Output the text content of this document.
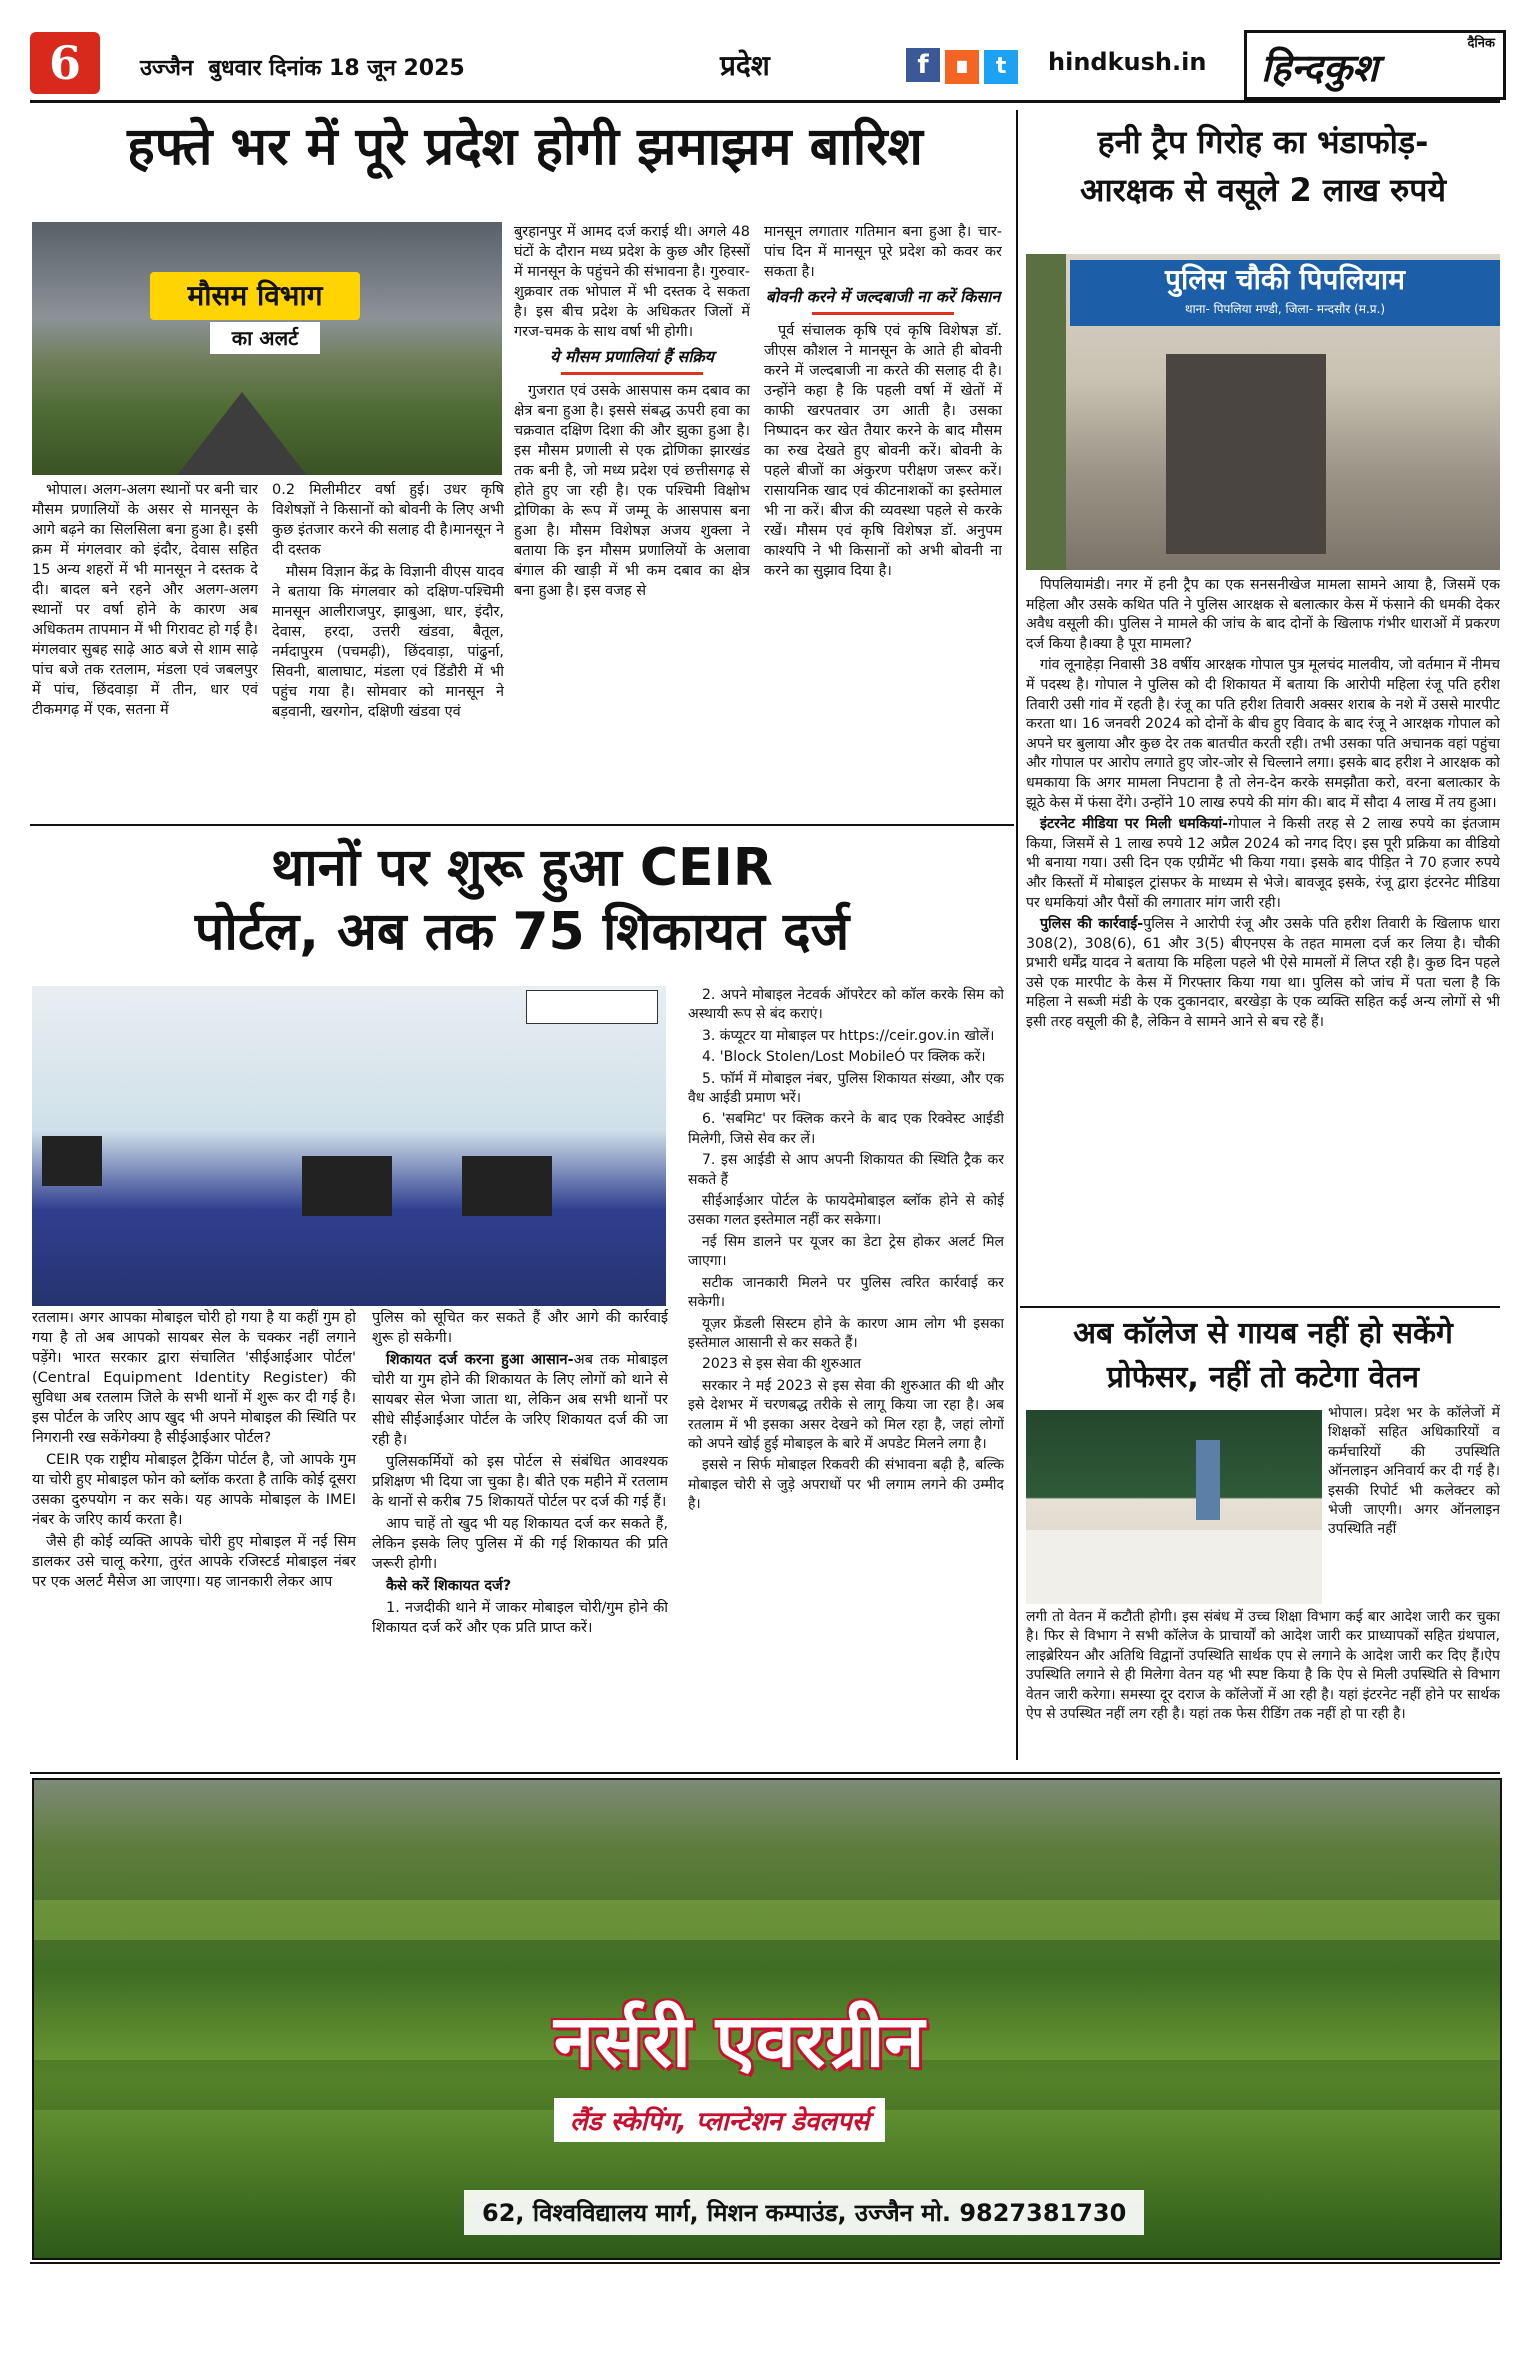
6	उज्जैन  बुधवार दिनांक 18 जून 2025	प्रदेश	f ∎ t	hindkush.in
दैनिक
हिन्दकुश
हफ्ते भर में पूरे प्रदेश होगी झमाझम बारिश
मौसम विभाग
का अलर्ट

भोपाल। अलग-अलग स्थानों पर बनी चार मौसम प्रणालियों के असर से मानसून के आगे बढ़ने का सिलसिला बना हुआ है। इसी क्रम में मंगलवार को इंदौर, देवास सहित 15 अन्य शहरों में भी मानसून ने दस्तक दे दी। बादल बने रहने और अलग-अलग स्थानों पर वर्षा होने के कारण अब अधिकतम तापमान में भी गिरावट हो गई है। मंगलवार सुबह साढ़े आठ बजे से शाम साढ़े पांच बजे तक रतलाम, मंडला एवं जबलपुर में पांच, छिंदवाड़ा में तीन, धार एवं टीकमगढ़ में एक, सतना में

0.2 मिलीमीटर वर्षा हुई। उधर कृषि विशेषज्ञों ने किसानों को बोवनी के लिए अभी कुछ इंतजार करने की सलाह दी है।मानसून ने दी दस्तक

मौसम विज्ञान केंद्र के विज्ञानी वीएस यादव ने बताया कि मंगलवार को दक्षिण-पश्चिमी मानसून आलीराजपुर, झाबुआ, धार, इंदौर, देवास, हरदा, उत्तरी खंडवा, बैतूल, नर्मदापुरम (पचमढ़ी), छिंदवाड़ा, पांढुर्ना, सिवनी, बालाघाट, मंडला एवं डिंडौरी में भी पहुंच गया है। सोमवार को मानसून ने बड़वानी, खरगोन, दक्षिणी खंडवा एवं

बुरहानपुर में आमद दर्ज कराई थी। अगले 48 घंटों के दौरान मध्य प्रदेश के कुछ और हिस्सों में मानसून के पहुंचने की संभावना है। गुरुवार-शुक्रवार तक भोपाल में भी दस्तक दे सकता है। इस बीच प्रदेश के अधिकतर जिलों में गरज-चमक के साथ वर्षा भी होगी।

ये मौसम प्रणालियां हैं सक्रिय

गुजरात एवं उसके आसपास कम दबाव का क्षेत्र बना हुआ है। इससे संबद्ध ऊपरी हवा का चक्रवात दक्षिण दिशा की और झुका हुआ है। इस मौसम प्रणाली से एक द्रोणिका झारखंड तक बनी है, जो मध्य प्रदेश एवं छत्तीसगढ़ से होते हुए जा रही है। एक पश्चिमी विक्षोभ द्रोणिका के रूप में जम्मू के आसपास बना हुआ है। मौसम विशेषज्ञ अजय शुक्ला ने बताया कि इन मौसम प्रणालियों के अलावा बंगाल की खाड़ी में भी कम दबाव का क्षेत्र बना हुआ है। इस वजह से

मानसून लगातार गतिमान बना हुआ है। चार-पांच दिन में मानसून पूरे प्रदेश को कवर कर सकता है।

बोवनी करने में जल्दबाजी ना करें किसान

पूर्व संचालक कृषि एवं कृषि विशेषज्ञ डॉ. जीएस कौशल ने मानसून के आते ही बोवनी करने में जल्दबाजी ना करते की सलाह दी है। उन्होंने कहा है कि पहली वर्षा में खेतों में काफी खरपतवार उग आती है। उसका निष्पादन कर खेत तैयार करने के बाद मौसम का रुख देखते हुए बोवनी करें। बोवनी के पहले बीजों का अंकुरण परीक्षण जरूर करें। रासायनिक खाद एवं कीटनाशकों का इस्तेमाल भी ना करें। बीज की व्यवस्था पहले से करके रखें। मौसम एवं कृषि विशेषज्ञ डॉ. अनुपम काश्यपि ने भी किसानों को अभी बोवनी ना करने का सुझाव दिया है।

हनी ट्रैप गिरोह का भंडाफोड़-
आरक्षक से वसूले 2 लाख रुपये
पुलिस चौकी पिपलियाम
थाना- पिपलिया मण्डी, जिला- मन्दसौर (म.प्र.)

पिपलियामंडी। नगर में हनी ट्रैप का एक सनसनीखेज मामला सामने आया है, जिसमें एक महिला और उसके कथित पति ने पुलिस आरक्षक से बलात्कार केस में फंसाने की धमकी देकर अवैध वसूली की। पुलिस ने मामले की जांच के बाद दोनों के खिलाफ गंभीर धाराओं में प्रकरण दर्ज किया है।क्या है पूरा मामला?

गांव लूनाहेड़ा निवासी 38 वर्षीय आरक्षक गोपाल पुत्र मूलचंद मालवीय, जो वर्तमान में नीमच में पदस्थ है। गोपाल ने पुलिस को दी शिकायत में बताया कि आरोपी महिला रंजू पति हरीश तिवारी उसी गांव में रहती है। रंजू का पति हरीश तिवारी अक्सर शराब के नशे में उससे मारपीट करता था। 16 जनवरी 2024 को दोनों के बीच हुए विवाद के बाद रंजू ने आरक्षक गोपाल को अपने घर बुलाया और कुछ देर तक बातचीत करती रही। तभी उसका पति अचानक वहां पहुंचा और गोपाल पर आरोप लगाते हुए जोर-जोर से चिल्लाने लगा। इसके बाद हरीश ने आरक्षक को धमकाया कि अगर मामला निपटाना है तो लेन-देन करके समझौता करो, वरना बलात्कार के झूठे केस में फंसा देंगे। उन्होंने 10 लाख रुपये की मांग की। बाद में सौदा 4 लाख में तय हुआ।

इंटरनेट मीडिया पर मिली धमकियां-गोपाल ने किसी तरह से 2 लाख रुपये का इंतजाम किया, जिसमें से 1 लाख रुपये 12 अप्रैल 2024 को नगद दिए। इस पूरी प्रक्रिया का वीडियो भी बनाया गया। उसी दिन एक एग्रीमेंट भी किया गया। इसके बाद पीड़ित ने 70 हजार रुपये और किस्तों में मोबाइल ट्रांसफर के माध्यम से भेजे। बावजूद इसके, रंजू द्वारा इंटरनेट मीडिया पर धमकियां और पैसों की लगातार मांग जारी रही।

पुलिस की कार्रवाई-पुलिस ने आरोपी रंजू और उसके पति हरीश तिवारी के खिलाफ धारा 308(2), 308(6), 61 और 3(5) बीएनएस के तहत मामला दर्ज कर लिया है। चौकी प्रभारी धर्मेंद्र यादव ने बताया कि महिला पहले भी ऐसे मामलों में लिप्त रही है। कुछ दिन पहले उसे एक मारपीट के केस में गिरफ्तार किया गया था। पुलिस को जांच में पता चला है कि महिला ने सब्जी मंडी के एक दुकानदार, बरखेड़ा के एक व्यक्ति सहित कई अन्य लोगों से भी इसी तरह वसूली की है, लेकिन वे सामने आने से बच रहे हैं।

थानों पर शुरू हुआ CEIR
पोर्टल, अब तक 75 शिकायत दर्ज

रतलाम। अगर आपका मोबाइल चोरी हो गया है या कहीं गुम हो गया है तो अब आपको सायबर सेल के चक्कर नहीं लगाने पड़ेंगे। भारत सरकार द्वारा संचालित 'सीईआईआर पोर्टल' (Central Equipment Identity Register) की सुविधा अब रतलाम जिले के सभी थानों में शुरू कर दी गई है। इस पोर्टल के जरिए आप खुद भी अपने मोबाइल की स्थिति पर निगरानी रख सकेंगेक्या है सीईआईआर पोर्टल?

CEIR एक राष्ट्रीय मोबाइल ट्रैकिंग पोर्टल है, जो आपके गुम या चोरी हुए मोबाइल फोन को ब्लॉक करता है ताकि कोई दूसरा उसका दुरुपयोग न कर सके। यह आपके मोबाइल के IMEI नंबर के जरिए कार्य करता है।

जैसे ही कोई व्यक्ति आपके चोरी हुए मोबाइल में नई सिम डालकर उसे चालू करेगा, तुरंत आपके रजिस्टर्ड मोबाइल नंबर पर एक अलर्ट मैसेज आ जाएगा। यह जानकारी लेकर आप

पुलिस को सूचित कर सकते हैं और आगे की कार्रवाई शुरू हो सकेगी।

शिकायत दर्ज करना हुआ आसान-अब तक मोबाइल चोरी या गुम होने की शिकायत के लिए लोगों को थाने से सायबर सेल भेजा जाता था, लेकिन अब सभी थानों पर सीधे सीईआईआर पोर्टल के जरिए शिकायत दर्ज की जा रही है।

पुलिसकर्मियों को इस पोर्टल से संबंधित आवश्यक प्रशिक्षण भी दिया जा चुका है। बीते एक महीने में रतलाम के थानों से करीब 75 शिकायतें पोर्टल पर दर्ज की गई हैं।

आप चाहें तो खुद भी यह शिकायत दर्ज कर सकते हैं, लेकिन इसके लिए पुलिस में की गई शिकायत की प्रति जरूरी होगी।

कैसे करें शिकायत दर्ज?

1. नजदीकी थाने में जाकर मोबाइल चोरी/गुम होने की शिकायत दर्ज करें और एक प्रति प्राप्त करें।

2. अपने मोबाइल नेटवर्क ऑपरेटर को कॉल करके सिम को अस्थायी रूप से बंद कराएं।

3. कंप्यूटर या मोबाइल पर https://ceir.gov.in खोलें।

4. 'Block Stolen/Lost MobileÓ पर क्लिक करें।

5. फॉर्म में मोबाइल नंबर, पुलिस शिकायत संख्या, और एक वैध आईडी प्रमाण भरें।

6. 'सबमिट' पर क्लिक करने के बाद एक रिक्वेस्ट आईडी मिलेगी, जिसे सेव कर लें।

7. इस आईडी से आप अपनी शिकायत की स्थिति ट्रैक कर सकते हैं

सीईआईआर पोर्टल के फायदेमोबाइल ब्लॉक होने से कोई उसका गलत इस्तेमाल नहीं कर सकेगा।

नई सिम डालने पर यूजर का डेटा ट्रेस होकर अलर्ट मिल जाएगा।

सटीक जानकारी मिलने पर पुलिस त्वरित कार्रवाई कर सकेगी।

यूज़र फ्रेंडली सिस्टम होने के कारण आम लोग भी इसका इस्तेमाल आसानी से कर सकते हैं।

2023 से इस सेवा की शुरुआत

सरकार ने मई 2023 से इस सेवा की शुरुआत की थी और इसे देशभर में चरणबद्ध तरीके से लागू किया जा रहा है। अब रतलाम में भी इसका असर देखने को मिल रहा है, जहां लोगों को अपने खोई हुई मोबाइल के बारे में अपडेट मिलने लगा है।

इससे न सिर्फ मोबाइल रिकवरी की संभावना बढ़ी है, बल्कि मोबाइल चोरी से जुड़े अपराधों पर भी लगाम लगने की उम्मीद है।

अब कॉलेज से गायब नहीं हो सकेंगे
प्रोफेसर, नहीं तो कटेगा वेतन

भोपाल। प्रदेश भर के कॉलेजों में शिक्षकों सहित अधिकारियों व कर्मचारियों की उपस्थिति ऑनलाइन अनिवार्य कर दी गई है। इसकी रिपोर्ट भी कलेक्टर को भेजी जाएगी। अगर ऑनलाइन उपस्थिति नहीं

लगी तो वेतन में कटौती होगी। इस संबंध में उच्च शिक्षा विभाग कई बार आदेश जारी कर चुका है। फिर से विभाग ने सभी कॉलेज के प्राचार्यों को आदेश जारी कर प्राध्यापकों सहित ग्रंथपाल, लाइब्रेरियन और अतिथि विद्वानों उपस्थिति सार्थक एप से लगाने के आदेश जारी कर दिए हैं।ऐप उपस्थिति लगाने से ही मिलेगा वेतन यह भी स्पष्ट किया है कि ऐप से मिली उपस्थिति से विभाग वेतन जारी करेगा। समस्या दूर दराज के कॉलेजों में आ रही है। यहां इंटरनेट नहीं होने पर सार्थक ऐप से उपस्थित नहीं लग रही है। यहां तक फेस रीडिंग तक नहीं हो पा रही है।

नर्सरी एवरग्रीन
लैंड स्केपिंग, प्लान्टेशन डेवलपर्स
62, विश्वविद्यालय मार्ग, मिशन कम्पाउंड, उज्जैन मो. 9827381730
